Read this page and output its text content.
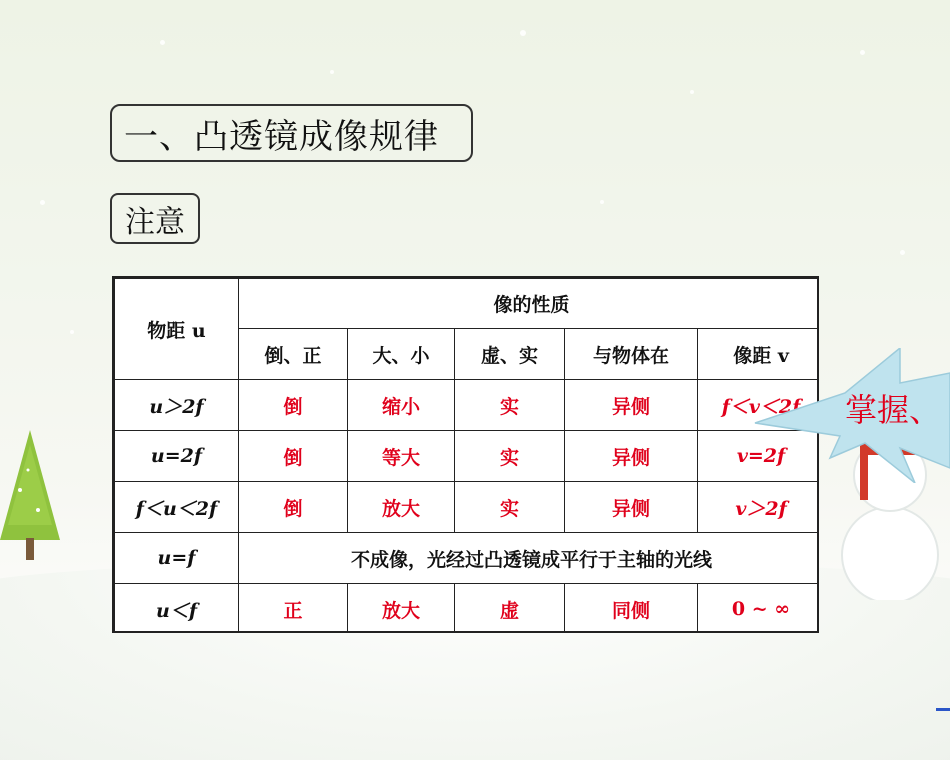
一、凸透镜成像规律
注意
物距 u	像的性质				
	倒、正	大、小	虚、实	与物体在	像距 v
u＞2f	倒	缩小	实	异侧	f＜v＜2f
u=2f	倒	等大	实	异侧	v=2f
f＜u＜2f	倒	放大	实	异侧	v＞2f
u=f	不成像，光经过凸透镜成平行于主轴的光线				
u＜f	正	放大	虚	同侧	0 ~ ∞
掌握、
